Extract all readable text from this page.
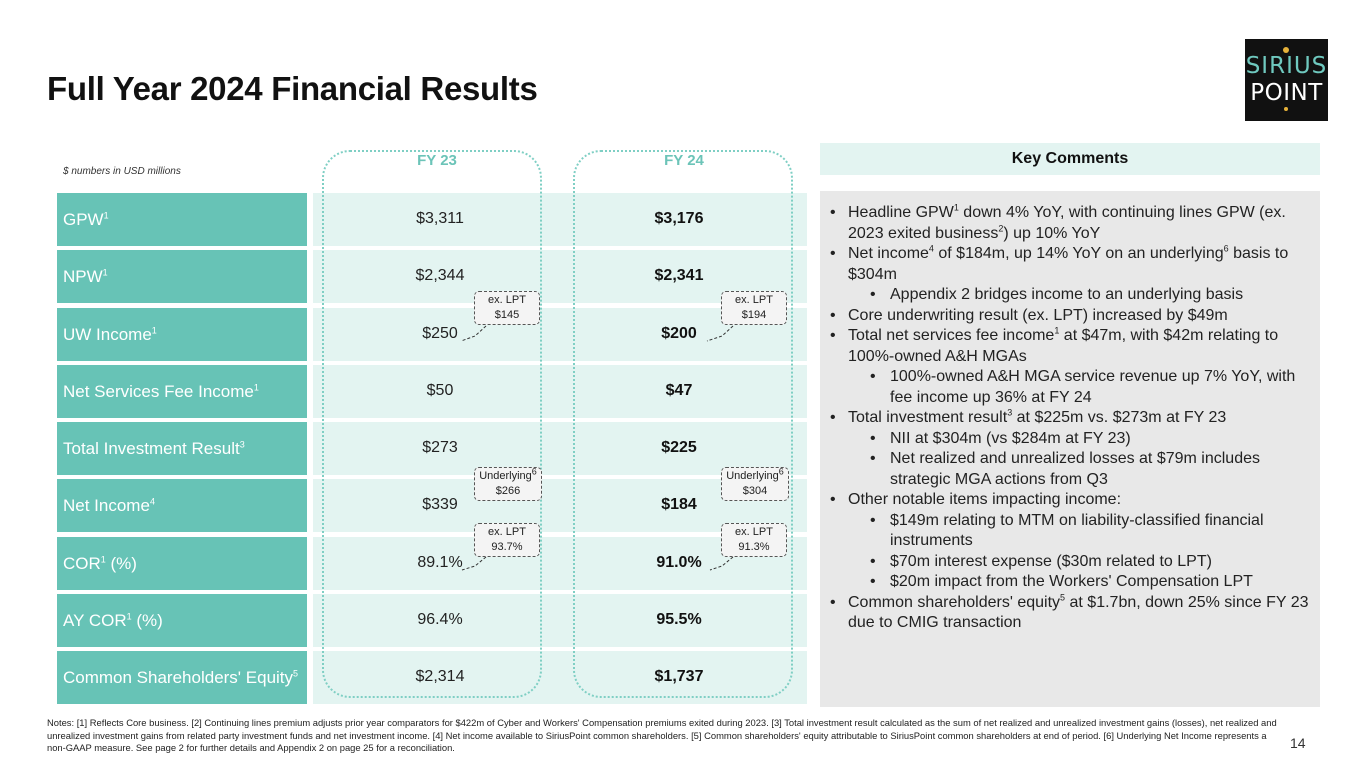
Full Year 2024 Financial Results
SIRIUS
POINT
$ numbers in USD millions
GPW$^1$	$3,311	$3,176
NPW$^1$	$2,344	$2,341
UW Income$^1$	$250	$200
Net Services Fee Income$^1$	$50	$47
Total Investment Result$^3$	$273	$225
Net Income$^4$	$339	$184
COR$^1$ (%)	89.1%	91.0%
AY COR$^1$ (%)	96.4%	95.5%
Common Shareholders' Equity$^5$	$2,314	$1,737
FY 23	FY 24
ex. LPT
$145
ex. LPT
$194
Underlying$^6$
$266
Underlying$^6$
$304
ex. LPT
93.7%
ex. LPT
91.3%
Key Comments
• Headline GPW$^1$ down 4% YoY, with continuing lines GPW (ex. 2023 exited business$^2$) up 10% YoY
• Net income$^4$ of $184m, up 14% YoY on an underlying$^6$ basis to $304m
• Appendix 2 bridges income to an underlying basis
• Core underwriting result (ex. LPT) increased by $49m
• Total net services fee income$^1$ at $47m, with $42m relating to 100%-owned A&H MGAs
• 100%-owned A&H MGA service revenue up 7% YoY, with fee income up 36% at FY 24
• Total investment result$^3$ at $225m vs. $273m at FY 23
• NII at $304m (vs $284m at FY 23)
• Net realized and unrealized losses at $79m includes strategic MGA actions from Q3
• Other notable items impacting income:
• $149m relating to MTM on liability-classified financial instruments
• $70m interest expense ($30m related to LPT)
• $20m impact from the Workers' Compensation LPT
• Common shareholders' equity$^5$ at $1.7bn, down 25% since FY 23 due to CMIG transaction
Notes: [1] Reflects Core business. [2] Continuing lines premium adjusts prior year comparators for $422m of Cyber and Workers' Compensation premiums exited during 2023. [3] Total investment result calculated as the sum of net realized and unrealized investment gains (losses), net realized and unrealized investment gains from related party investment funds and net investment income. [4] Net income available to SiriusPoint common shareholders. [5] Common shareholders' equity attributable to SiriusPoint common shareholders at end of period. [6] Underlying Net Income represents a non-GAAP measure. See page 2 for further details and Appendix 2 on page 25 for a reconciliation.	14
